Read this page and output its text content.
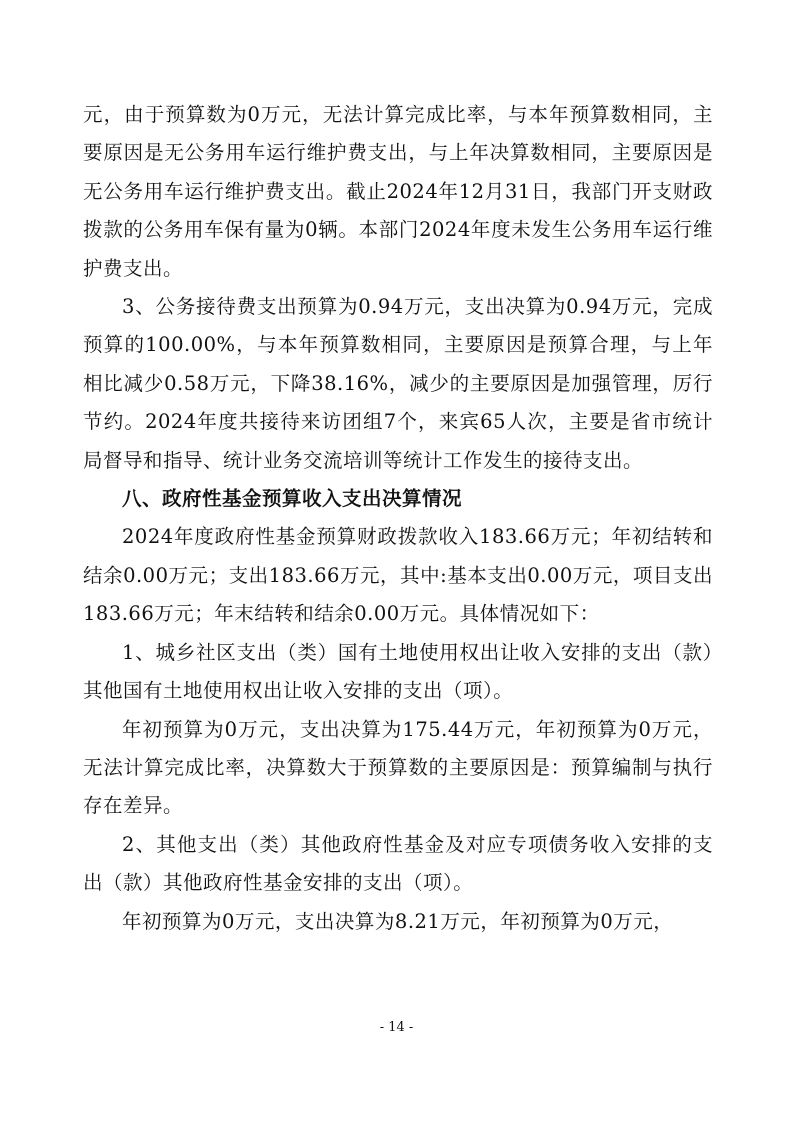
元，由于预算数为0万元，无法计算完成比率，与本年预算数相同，主要原因是无公务用车运行维护费支出，与上年决算数相同，主要原因是无公务用车运行维护费支出。截止2024年12月31日，我部门开支财政拨款的公务用车保有量为0辆。本部门2024年度未发生公务用车运行维护费支出。

3、公务接待费支出预算为0.94万元，支出决算为0.94万元，完成预算的100.00%，与本年预算数相同，主要原因是预算合理，与上年相比减少0.58万元，下降38.16%，减少的主要原因是加强管理，厉行节约。2024年度共接待来访团组7个，来宾65人次，主要是省市统计局督导和指导、统计业务交流培训等统计工作发生的接待支出。

八、政府性基金预算收入支出决算情况

2024年度政府性基金预算财政拨款收入183.66万元；年初结转和结余0.00万元；支出183.66万元，其中:基本支出0.00万元，项目支出183.66万元；年末结转和结余0.00万元。具体情况如下：

1、城乡社区支出（类）国有土地使用权出让收入安排的支出（款）其他国有土地使用权出让收入安排的支出（项）。

年初预算为0万元，支出决算为175.44万元，年初预算为0万元，无法计算完成比率，决算数大于预算数的主要原因是：预算编制与执行存在差异。

2、其他支出（类）其他政府性基金及对应专项债务收入安排的支出（款）其他政府性基金安排的支出（项）。

年初预算为0万元，支出决算为8.21万元，年初预算为0万元，

- 14 -
